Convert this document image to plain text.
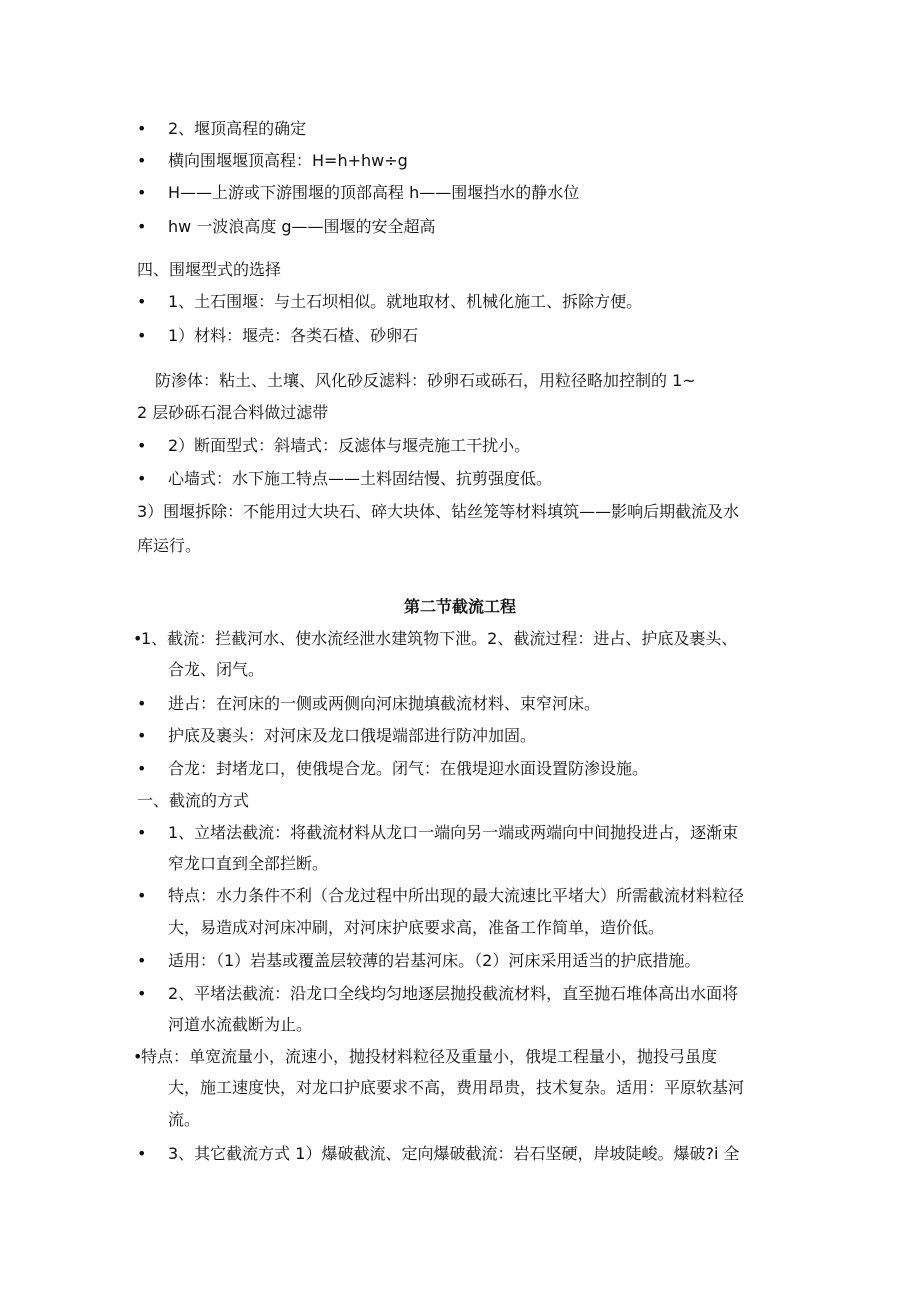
• 2、堰顶高程的确定
• 横向围堰堰顶高程：H=h+hw÷g
• H——上游或下游围堰的顶部高程 h——围堰挡水的静水位
• hw 一波浪高度 g——围堰的安全超高
四、围堰型式的选择
• 1、土石围堰：与土石坝相似。就地取材、机械化施工、拆除方便。
• 1）材料：堰壳：各类石楂、砂卵石
防渗体：粘土、土壤、风化砂反滤料：砂卵石或砾石，用粒径略加控制的 1~
2 层砂砾石混合料做过滤带
• 2）断面型式：斜墙式：反滤体与堰壳施工干扰小。
• 心墙式：水下施工特点——土料固结慢、抗剪强度低。
3）围堰拆除：不能用过大块石、碎大块体、钻丝笼等材料填筑——影响后期截流及水
库运行。
第二节截流工程
•
1、截流：拦截河水、使水流经泄水建筑物下泄。2、截流过程：进占、护底及裹头、
合龙、闭气。
• 进占：在河床的一侧或两侧向河床抛填截流材料、束窄河床。
• 护底及裹头：对河床及龙口俄堤端部进行防冲加固。
• 合龙：封堵龙口，使俄堤合龙。闭气：在俄堤迎水面设置防渗设施。
一、截流的方式
• 1、立堵法截流：将截流材料从龙口一端向另一端或两端向中间抛投进占，逐渐束
窄龙口直到全部拦断。
• 特点：水力条件不利（合龙过程中所出现的最大流速比平堵大）所需截流材料粒径
大，易造成对河床冲刷，对河床护底要求高，准备工作简单，造价低。
• 适用：（1）岩基或覆盖层较薄的岩基河床。（2）河床采用适当的护底措施。
• 2、平堵法截流：沿龙口全线均匀地逐层抛投截流材料，直至抛石堆体高出水面将
河道水流截断为止。
•
特点：单宽流量小，流速小，抛投材料粒径及重量小，俄堤工程量小，抛投弓虽度
大，施工速度快，对龙口护底要求不高，费用昂贵，技术复杂。适用：平原软基河
流。
• 3、其它截流方式 1）爆破截流、定向爆破截流：岩石坚硬，岸坡陡峻。爆破?i 全
